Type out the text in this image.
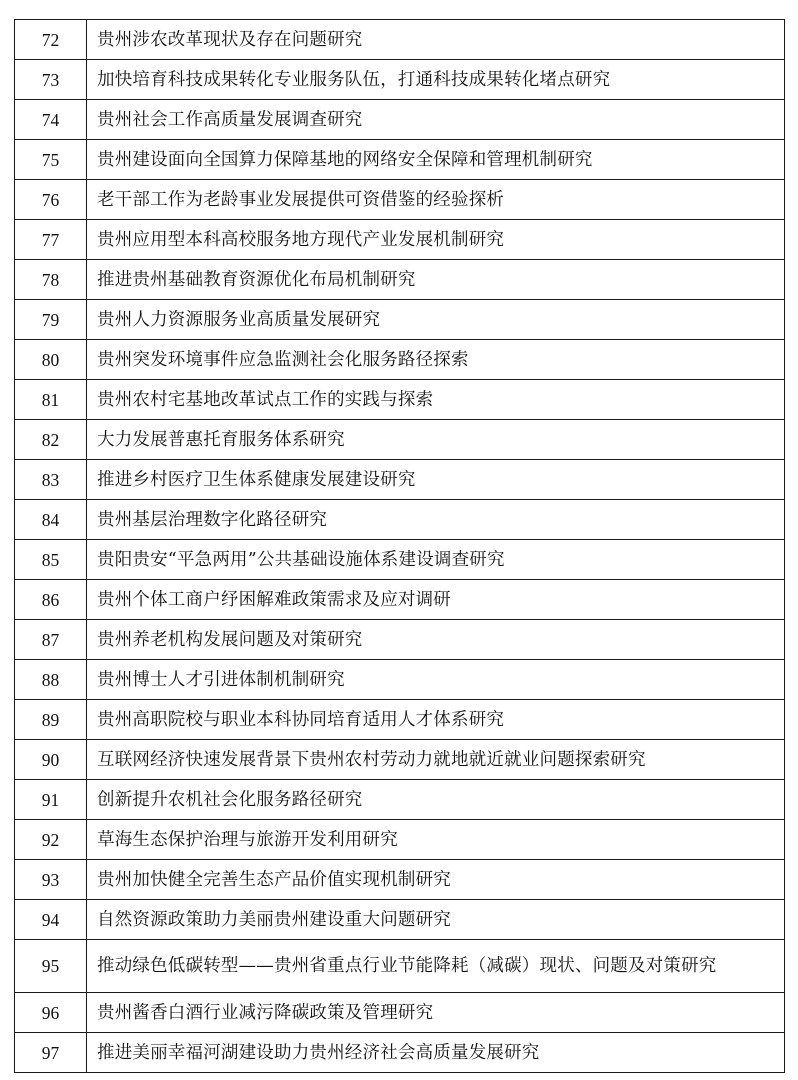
72	贵州涉农改革现状及存在问题研究
73	加快培育科技成果转化专业服务队伍，打通科技成果转化堵点研究
74	贵州社会工作高质量发展调查研究
75	贵州建设面向全国算力保障基地的网络安全保障和管理机制研究
76	老干部工作为老龄事业发展提供可资借鉴的经验探析
77	贵州应用型本科高校服务地方现代产业发展机制研究
78	推进贵州基础教育资源优化布局机制研究
79	贵州人力资源服务业高质量发展研究
80	贵州突发环境事件应急监测社会化服务路径探索
81	贵州农村宅基地改革试点工作的实践与探索
82	大力发展普惠托育服务体系研究
83	推进乡村医疗卫生体系健康发展建设研究
84	贵州基层治理数字化路径研究
85	贵阳贵安“平急两用”公共基础设施体系建设调查研究
86	贵州个体工商户纾困解难政策需求及应对调研
87	贵州养老机构发展问题及对策研究
88	贵州博士人才引进体制机制研究
89	贵州高职院校与职业本科协同培育适用人才体系研究
90	互联网经济快速发展背景下贵州农村劳动力就地就近就业问题探索研究
91	创新提升农机社会化服务路径研究
92	草海生态保护治理与旅游开发利用研究
93	贵州加快健全完善生态产品价值实现机制研究
94	自然资源政策助力美丽贵州建设重大问题研究
95	推动绿色低碳转型——贵州省重点行业节能降耗（减碳）现状、问题及对策研究
96	贵州酱香白酒行业减污降碳政策及管理研究
97	推进美丽幸福河湖建设助力贵州经济社会高质量发展研究
